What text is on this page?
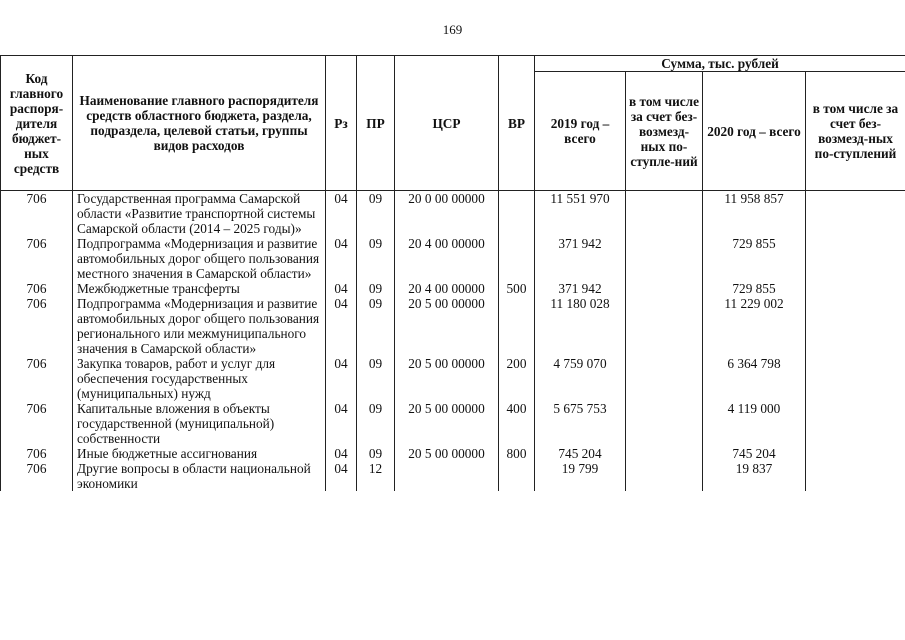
169
Код главного распоря-дителя бюджет-ных средств	Наименование главного распорядителя средств областного бюджета, раздела, подраздела, целевой статьи, группы видов расходов	Рз	ПР	ЦСР	ВР	Сумма, тыс. рублей			
						2019 год – всего	в том числе за счет без-возмезд-ных по-ступле-ний	2020 год – всего	в том числе за счет без-возмезд-ных по-ступлений
706	Государственная программа Самарской области «Развитие транспортной системы Самарской области (2014 – 2025 годы)»	04	09	20 0 00 00000		11 551 970		11 958 857	
706	Подпрограмма «Модернизация и развитие автомобильных дорог общего пользования местного значения в Самарской области»	04	09	20 4 00 00000		371 942		729 855	
706	Межбюджетные трансферты	04	09	20 4 00 00000	500	371 942		729 855	
706	Подпрограмма «Модернизация и развитие автомобильных дорог общего пользования регионального или межмуниципального значения в Самарской области»	04	09	20 5 00 00000		11 180 028		11 229 002	
706	Закупка товаров, работ и услуг для обеспечения государственных (муниципальных) нужд	04	09	20 5 00 00000	200	4 759 070		6 364 798	
706	Капитальные вложения в объекты государственной (муниципальной) собственности	04	09	20 5 00 00000	400	5 675 753		4 119 000	
706	Иные бюджетные ассигнования	04	09	20 5 00 00000	800	745 204		745 204	
706	Другие вопросы в области национальной экономики	04	12			19 799		19 837	
